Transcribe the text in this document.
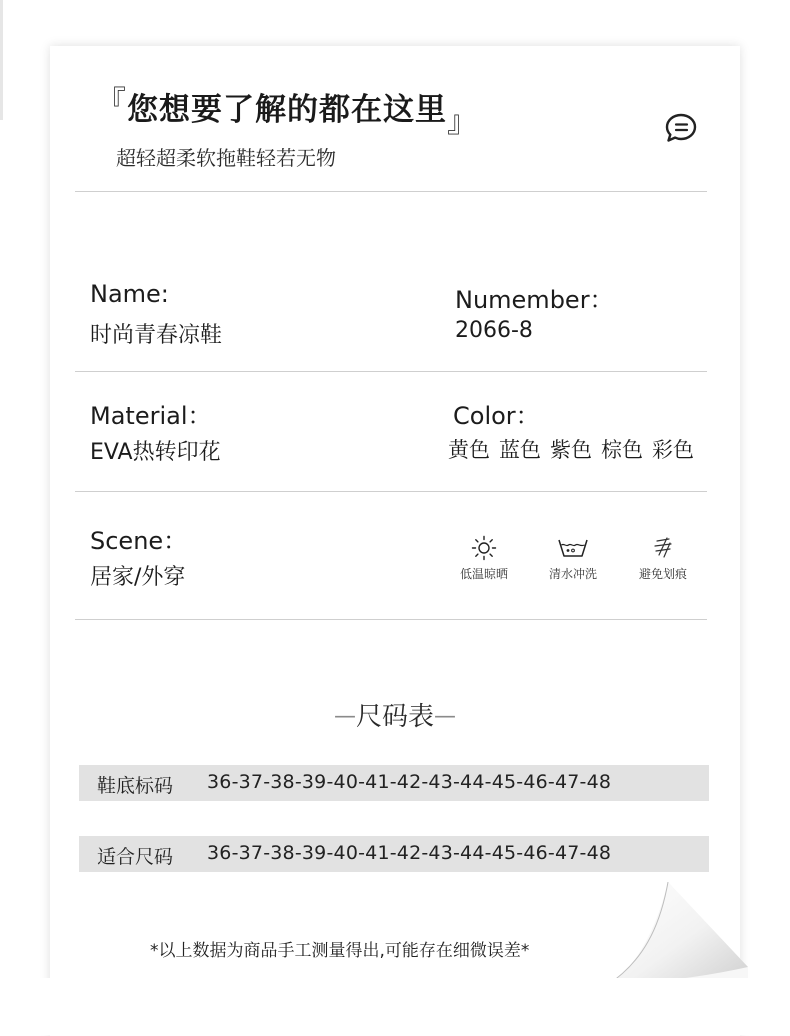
『您想要了解的都在这里』
超轻超柔软拖鞋轻若无物
Name:
时尚青春凉鞋
Numember：
2066-8
Material：
EVA热转印花
Color：
黄色 蓝色 紫色 棕色 彩色
Scene：
居家/外穿	低温晾晒	清水冲洗	避免划痕
—尺码表—
鞋底标码 36-37-38-39-40-41-42-43-44-45-46-47-48
适合尺码 36-37-38-39-40-41-42-43-44-45-46-47-48
*以上数据为商品手工测量得出,可能存在细微误差*
